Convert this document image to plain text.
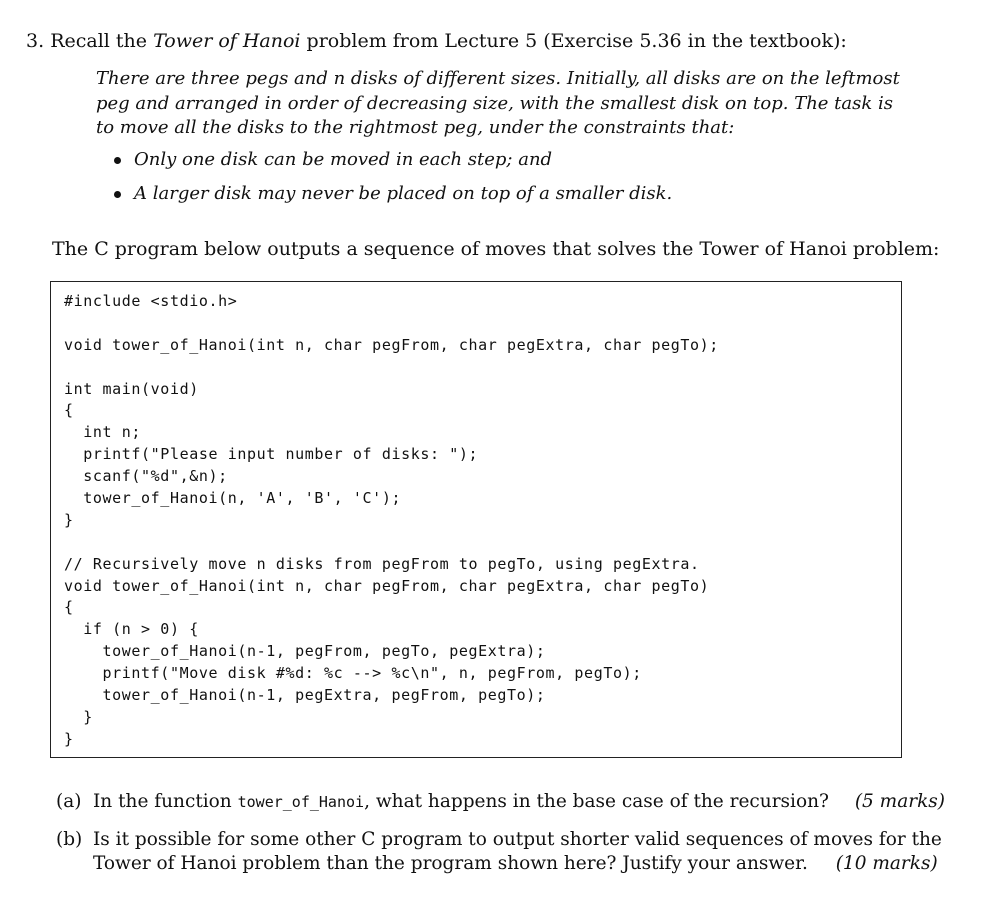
3. Recall the Tower of Hanoi problem from Lecture 5 (Exercise 5.36 in the textbook):
There are three pegs and n disks of different sizes. Initially, all disks are on the leftmost
peg and arranged in order of decreasing size, with the smallest disk on top. The task is
to move all the disks to the rightmost peg, under the constraints that:
Only one disk can be moved in each step; and
A larger disk may never be placed on top of a smaller disk.
The C program below outputs a sequence of moves that solves the Tower of Hanoi problem:
#include <stdio.h>
void tower_of_Hanoi(int n, char pegFrom, char pegExtra, char pegTo);
int main(void)
{
int n;
printf("Please input number of disks: ");
scanf("%d",&n);
tower_of_Hanoi(n, 'A', 'B', 'C');
}
// Recursively move n disks from pegFrom to pegTo, using pegExtra.
void tower_of_Hanoi(int n, char pegFrom, char pegExtra, char pegTo)
{
if (n > 0) {
tower_of_Hanoi(n-1, pegFrom, pegTo, pegExtra);
printf("Move disk #%d: %c --> %c\n", n, pegFrom, pegTo);
tower_of_Hanoi(n-1, pegExtra, pegFrom, pegTo);
}
}
(a) In the function tower_of_Hanoi, what happens in the base case of the recursion? (5 marks)
(b) Is it possible for some other C program to output shorter valid sequences of moves for the
Tower of Hanoi problem than the program shown here? Justify your answer. (10 marks)
